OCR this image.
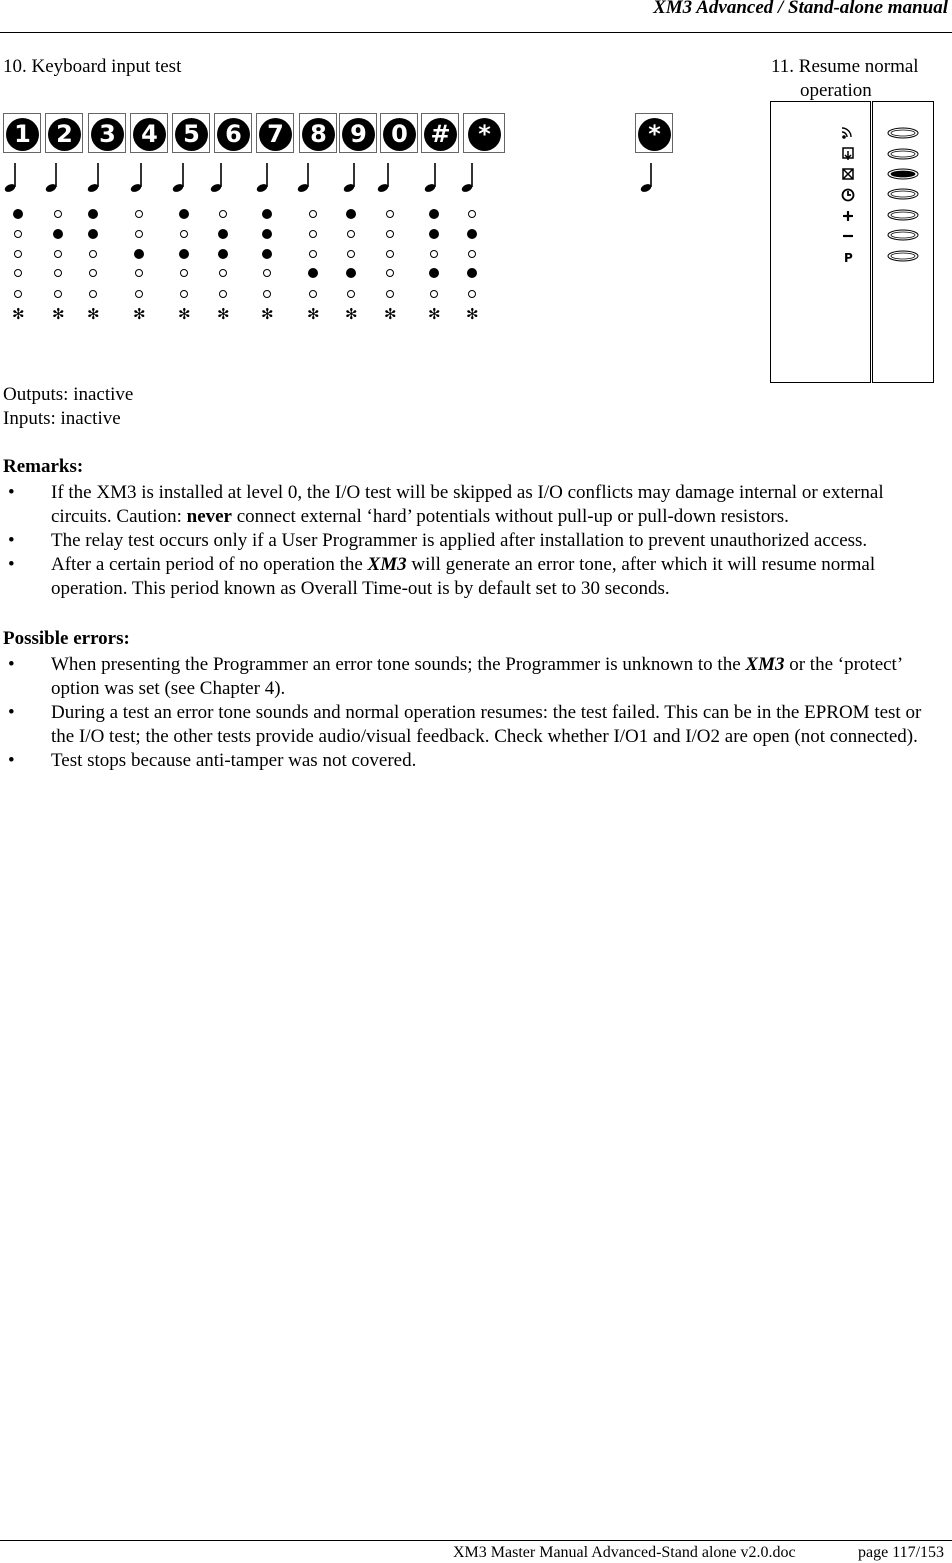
XM3 Advanced / Stand-alone manual
10. Keyboard input test	11. Resume normal
operation
1	2	3	4	5	6	7	8 9	0 #	*	*
✻ ✻ ✻ ✻ ✻ ✻ ✻ ✻ ✻ ✻ ✻ ✻
P
Outputs: inactive
Inputs: inactive
Remarks:
• If the XM3 is installed at level 0, the I/O test will be skipped as I/O conflicts may damage internal or external circuits. Caution: never connect external ‘hard’ potentials without pull-up or pull-down resistors.
• The relay test occurs only if a User Programmer is applied after installation to prevent unauthorized access.
• After a certain period of no operation the XM3 will generate an error tone, after which it will resume normal operation. This period known as Overall Time-out is by default set to 30 seconds.
Possible errors:
• When presenting the Programmer an error tone sounds; the Programmer is unknown to the XM3 or the ‘protect’ option was set (see Chapter 4).
• During a test an error tone sounds and normal operation resumes: the test failed. This can be in the EPROM test or the I/O test; the other tests provide audio/visual feedback. Check whether I/O1 and I/O2 are open (not connected).
• Test stops because anti-tamper was not covered.
XM3 Master Manual Advanced-Stand alone v2.0.doc	page 117/153
